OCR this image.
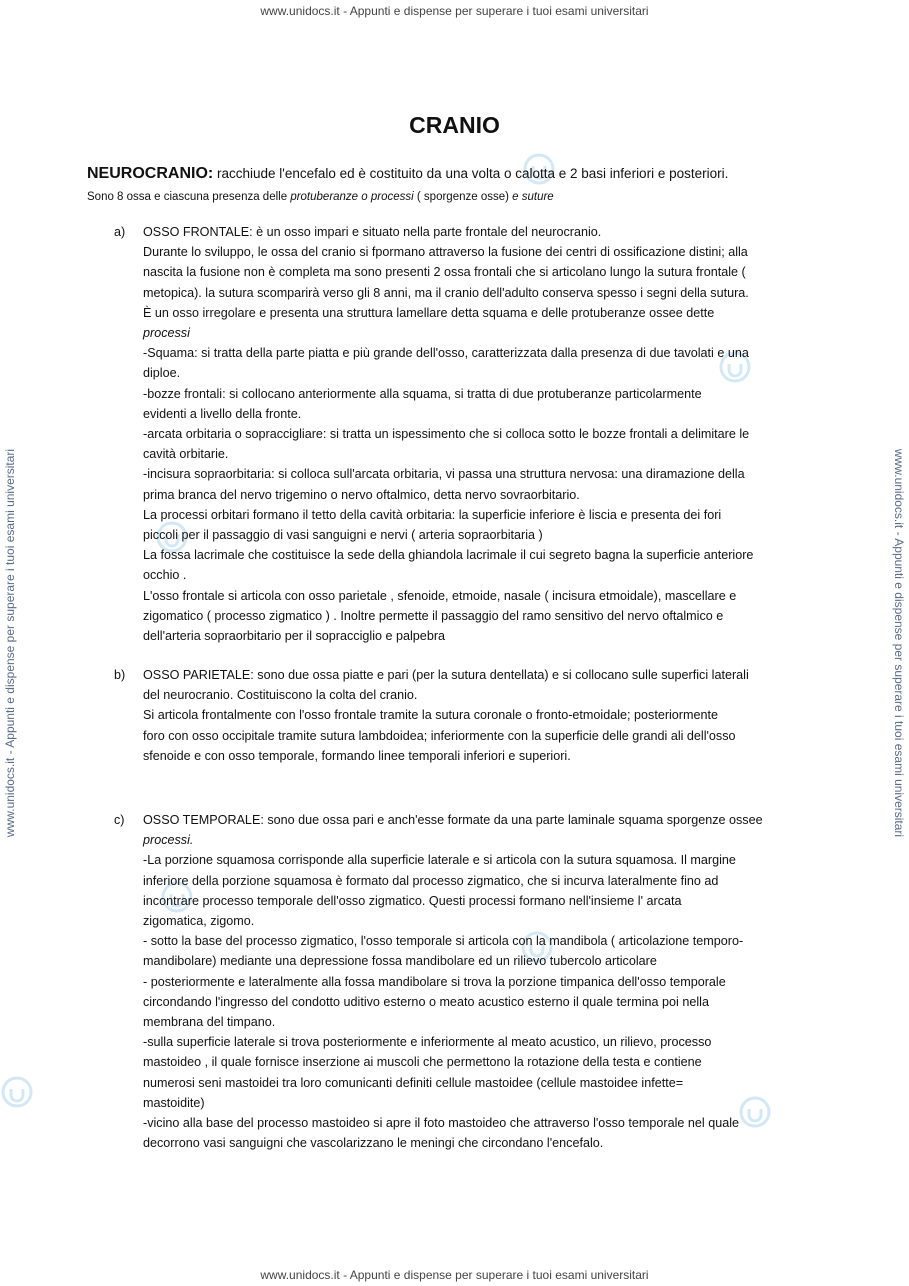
www.unidocs.it - Appunti e dispense per superare i tuoi esami universitari
www.unidocs.it - Appunti e dispense per superare i tuoi esami universitari
www.unidocs.it - Appunti e dispense per superare i tuoi esami universitari	www.unidocs.it - Appunti e dispense per superare i tuoi esami universitari
CRANIO
NEUROCRANIO: racchiude l'encefalo ed è costituito da una volta o calotta e 2 basi inferiori e posteriori.
Sono 8 ossa e ciascuna presenza delle protuberanze o processi ( sporgenze osse) e suture
a)	OSSO FRONTALE: è un osso impari e situato nella parte frontale del neurocranio.
Durante lo sviluppo, le ossa del cranio si fpormano attraverso la fusione dei centri di ossificazione distini; alla
nascita la fusione non è completa ma sono presenti 2 ossa frontali che si articolano lungo la sutura frontale (
metopica). la sutura scomparirà verso gli 8 anni, ma il cranio dell'adulto conserva spesso i segni della sutura.
È un osso irregolare e presenta una struttura lamellare detta squama e delle protuberanze ossee dette
processi
-Squama: si tratta della parte piatta e più grande dell'osso, caratterizzata dalla presenza di due tavolati e una
diploe.
-bozze frontali: si collocano anteriormente alla squama, si tratta di due protuberanze particolarmente
evidenti a livello della fronte.
-arcata orbitaria o sopraccigliare: si tratta un ispessimento che si colloca sotto le bozze frontali a delimitare le
cavità orbitarie.
-incisura sopraorbitaria: si colloca sull'arcata orbitaria, vi passa una struttura nervosa: una diramazione della
prima branca del nervo trigemino o nervo oftalmico, detta nervo sovraorbitario.
La processi orbitari formano il tetto della cavità orbitaria: la superficie inferiore è liscia e presenta dei fori
piccoli per il passaggio di vasi sanguigni e nervi ( arteria sopraorbitaria )
La fossa lacrimale che costituisce la sede della ghiandola lacrimale il cui segreto bagna la superficie anteriore
occhio .
L'osso frontale si articola con osso parietale , sfenoide, etmoide, nasale ( incisura etmoidale), mascellare e
zigomatico ( processo zigmatico ) . Inoltre permette il passaggio del ramo sensitivo del nervo oftalmico e
dell'arteria sopraorbitario per il sopracciglio e palpebra
b)	OSSO PARIETALE: sono due ossa piatte e pari (per la sutura dentellata) e si collocano sulle superfici laterali
del neurocranio. Costituiscono la colta del cranio.
Si articola frontalmente con l'osso frontale tramite la sutura coronale o fronto-etmoidale; posteriormente
foro con osso occipitale tramite sutura lambdoidea; inferiormente con la superficie delle grandi ali dell'osso
sfenoide e con osso temporale, formando linee temporali inferiori e superiori.
c)	OSSO TEMPORALE: sono due ossa pari e anch'esse formate da una parte laminale squama sporgenze ossee
processi.
-La porzione squamosa corrisponde alla superficie laterale e si articola con la sutura squamosa. Il margine
inferiore della porzione squamosa è formato dal processo zigmatico, che si incurva lateralmente fino ad
incontrare processo temporale dell'osso zigmatico. Questi processi formano nell'insieme l' arcata
zigomatica, zigomo.
- sotto la base del processo zigmatico, l'osso temporale si articola con la mandibola ( articolazione temporo-
mandibolare) mediante una depressione fossa mandibolare ed un rilievo tubercolo articolare
- posteriormente e lateralmente alla fossa mandibolare si trova la porzione timpanica dell'osso temporale
circondando l'ingresso del condotto uditivo esterno o meato acustico esterno il quale termina poi nella
membrana del timpano.
-sulla superficie laterale si trova posteriormente e inferiormente al meato acustico, un rilievo, processo
mastoideo , il quale fornisce inserzione ai muscoli che permettono la rotazione della testa e contiene
numerosi seni mastoidei tra loro comunicanti definiti cellule mastoidee (cellule mastoidee infette=
mastoidite)
-vicino alla base del processo mastoideo si apre il foto mastoideo che attraverso l'osso temporale nel quale
decorrono vasi sanguigni che vascolarizzano le meningi che circondano l'encefalo.
